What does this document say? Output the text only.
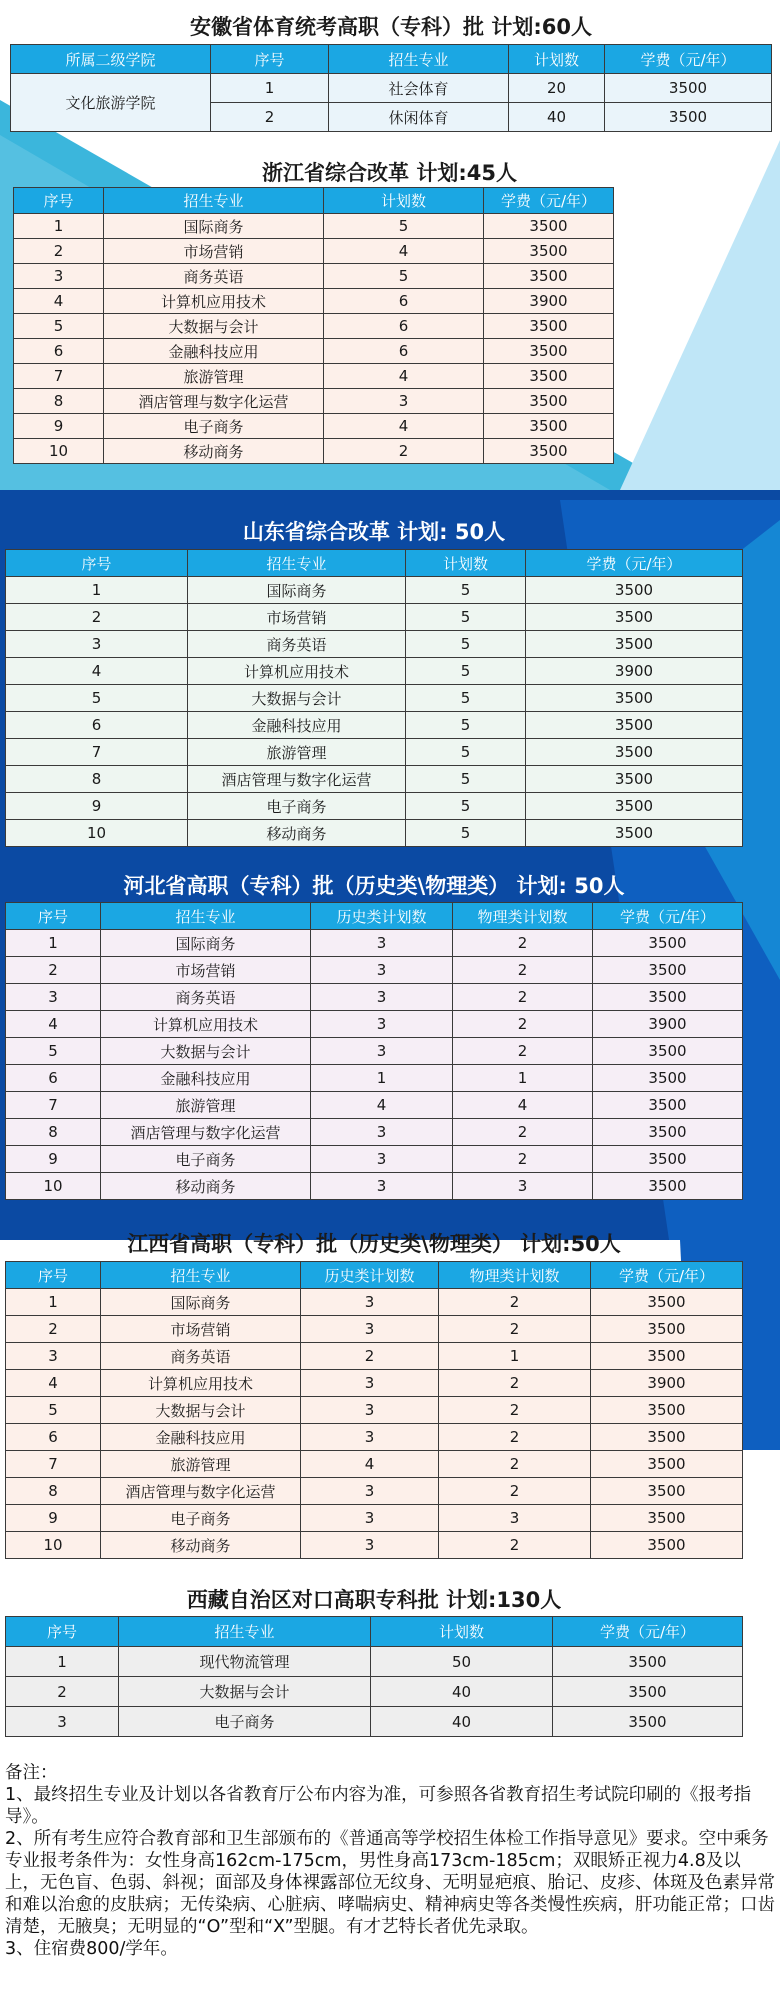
安徽省体育统考高职（专科）批 计划:60人
所属二级学院	序号	招生专业	计划数	学费（元/年）
文化旅游学院	1	社会体育	20	3500
	2	休闲体育	40	3500
浙江省综合改革 计划:45人
序号	招生专业	计划数	学费（元/年）
1	国际商务	5	3500
2	市场营销	4	3500
3	商务英语	5	3500
4	计算机应用技术	6	3900
5	大数据与会计	6	3500
6	金融科技应用	6	3500
7	旅游管理	4	3500
8	酒店管理与数字化运营	3	3500
9	电子商务	4	3500
10	移动商务	2	3500
山东省综合改革 计划: 50人
序号	招生专业	计划数	学费（元/年）
1	国际商务	5	3500
2	市场营销	5	3500
3	商务英语	5	3500
4	计算机应用技术	5	3900
5	大数据与会计	5	3500
6	金融科技应用	5	3500
7	旅游管理	5	3500
8	酒店管理与数字化运营	5	3500
9	电子商务	5	3500
10	移动商务	5	3500
河北省高职（专科）批（历史类\物理类） 计划: 50人
序号	招生专业	历史类计划数	物理类计划数	学费（元/年）
1	国际商务	3	2	3500
2	市场营销	3	2	3500
3	商务英语	3	2	3500
4	计算机应用技术	3	2	3900
5	大数据与会计	3	2	3500
6	金融科技应用	1	1	3500
7	旅游管理	4	4	3500
8	酒店管理与数字化运营	3	2	3500
9	电子商务	3	2	3500
10	移动商务	3	3	3500
江西省高职（专科）批（历史类\物理类） 计划:50人
序号	招生专业	历史类计划数	物理类计划数	学费（元/年）
1	国际商务	3	2	3500
2	市场营销	3	2	3500
3	商务英语	2	1	3500
4	计算机应用技术	3	2	3900
5	大数据与会计	3	2	3500
6	金融科技应用	3	2	3500
7	旅游管理	4	2	3500
8	酒店管理与数字化运营	3	2	3500
9	电子商务	3	3	3500
10	移动商务	3	2	3500
西藏自治区对口高职专科批 计划:130人
序号	招生专业	计划数	学费（元/年）
1	现代物流管理	50	3500
2	大数据与会计	40	3500
3	电子商务	40	3500
备注：
1、最终招生专业及计划以各省教育厅公布内容为准，可参照各省教育招生考试院印刷的《报考指导》。
2、所有考生应符合教育部和卫生部颁布的《普通高等学校招生体检工作指导意见》要求。空中乘务专业报考条件为：女性身高162cm-175cm，男性身高173cm-185cm；双眼矫正视力4.8及以上，无色盲、色弱、斜视；面部及身体裸露部位无纹身、无明显疤痕、胎记、皮疹、体斑及色素异常和难以治愈的皮肤病；无传染病、心脏病、哮喘病史、精神病史等各类慢性疾病，肝功能正常；口齿清楚，无腋臭；无明显的“O”型和“X”型腿。有才艺特长者优先录取。
3、住宿费800/学年。
